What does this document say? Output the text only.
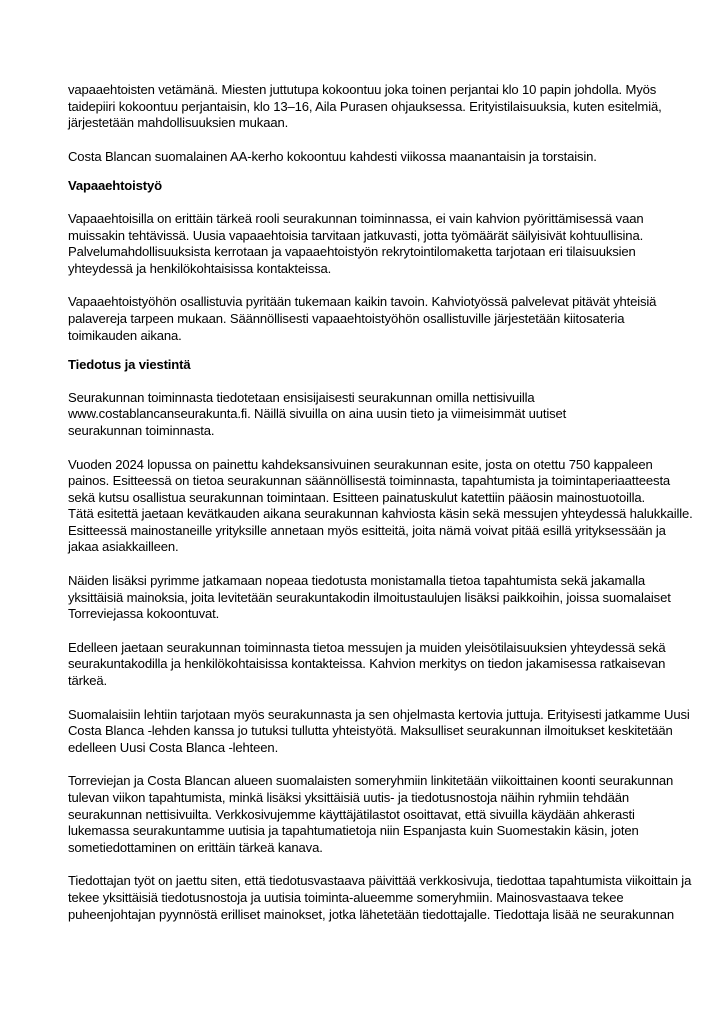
vapaaehtoisten vetämänä. Miesten juttutupa kokoontuu joka toinen perjantai klo 10 papin johdolla. Myös
taidepiiri kokoontuu perjantaisin, klo 13–16, Aila Purasen ohjauksessa. Erityistilaisuuksia, kuten esitelmiä,
järjestetään mahdollisuuksien mukaan.

Costa Blancan suomalainen AA-kerho kokoontuu kahdesti viikossa maanantaisin ja torstaisin.

Vapaaehtoistyö

Vapaaehtoisilla on erittäin tärkeä rooli seurakunnan toiminnassa, ei vain kahvion pyörittämisessä vaan
muissakin tehtävissä. Uusia vapaaehtoisia tarvitaan jatkuvasti, jotta työmäärät säilyisivät kohtuullisina.
Palvelumahdollisuuksista kerrotaan ja vapaaehtoistyön rekrytointilomaketta tarjotaan eri tilaisuuksien
yhteydessä ja henkilökohtaisissa kontakteissa.

Vapaaehtoistyöhön osallistuvia pyritään tukemaan kaikin tavoin. Kahviotyössä palvelevat pitävät yhteisiä
palavereja tarpeen mukaan. Säännöllisesti vapaaehtoistyöhön osallistuville järjestetään kiitosateria
toimikauden aikana.

Tiedotus ja viestintä

Seurakunnan toiminnasta tiedotetaan ensisijaisesti seurakunnan omilla nettisivuilla
www.costablancanseurakunta.fi. Näillä sivuilla on aina uusin tieto ja viimeisimmät uutiset
seurakunnan toiminnasta.

Vuoden 2024 lopussa on painettu kahdeksansivuinen seurakunnan esite, josta on otettu 750 kappaleen
painos. Esitteessä on tietoa seurakunnan säännöllisestä toiminnasta, tapahtumista ja toimintaperiaatteesta
sekä kutsu osallistua seurakunnan toimintaan. Esitteen painatuskulut katettiin pääosin mainostuotoilla.
Tätä esitettä jaetaan kevätkauden aikana seurakunnan kahviosta käsin sekä messujen yhteydessä halukkaille.
Esitteessä mainostaneille yrityksille annetaan myös esitteitä, joita nämä voivat pitää esillä yrityksessään ja
jakaa asiakkailleen.

Näiden lisäksi pyrimme jatkamaan nopeaa tiedotusta monistamalla tietoa tapahtumista sekä jakamalla
yksittäisiä mainoksia, joita levitetään seurakuntakodin ilmoitustaulujen lisäksi paikkoihin, joissa suomalaiset
Torreviejassa kokoontuvat.

Edelleen jaetaan seurakunnan toiminnasta tietoa messujen ja muiden yleisötilaisuuksien yhteydessä sekä
seurakuntakodilla ja henkilökohtaisissa kontakteissa. Kahvion merkitys on tiedon jakamisessa ratkaisevan
tärkeä.

Suomalaisiin lehtiin tarjotaan myös seurakunnasta ja sen ohjelmasta kertovia juttuja. Erityisesti jatkamme Uusi
Costa Blanca -lehden kanssa jo tutuksi tullutta yhteistyötä. Maksulliset seurakunnan ilmoitukset keskitetään
edelleen Uusi Costa Blanca -lehteen.

Torreviejan ja Costa Blancan alueen suomalaisten someryhmiin linkitetään viikoittainen koonti seurakunnan
tulevan viikon tapahtumista, minkä lisäksi yksittäisiä uutis- ja tiedotusnostoja näihin ryhmiin tehdään
seurakunnan nettisivuilta. Verkkosivujemme käyttäjätilastot osoittavat, että sivuilla käydään ahkerasti
lukemassa seurakuntamme uutisia ja tapahtumatietoja niin Espanjasta kuin Suomestakin käsin, joten
sometiedottaminen on erittäin tärkeä kanava.

Tiedottajan työt on jaettu siten, että tiedotusvastaava päivittää verkkosivuja, tiedottaa tapahtumista viikoittain ja
tekee yksittäisiä tiedotusnostoja ja uutisia toiminta-alueemme someryhmiin. Mainosvastaava tekee
puheenjohtajan pyynnöstä erilliset mainokset, jotka lähetetään tiedottajalle. Tiedottaja lisää ne seurakunnan
